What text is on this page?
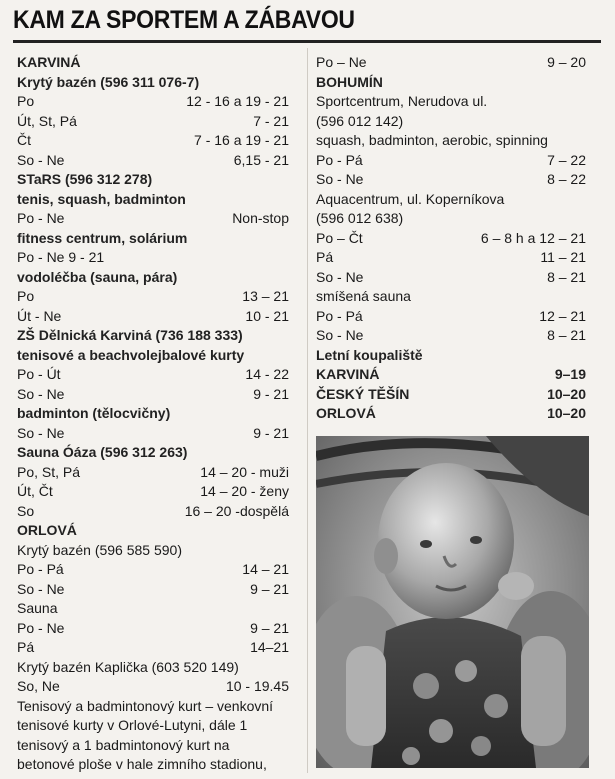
KAM ZA SPORTEM A ZÁBAVOU
KARVINÁ
Krytý bazén (596 311 076-7)
Po	12 - 16 a 19 - 21
Út, St, Pá	7 - 21
Čt	7 - 16 a 19 - 21
So - Ne	6,15 - 21
STaRS (596 312 278)
tenis, squash, badminton
Po - Ne	Non-stop
fitness centrum, solárium
Po - Ne 9 - 21
vodoléčba (sauna, pára)
Po	13 – 21
Út - Ne	10 - 21
ZŠ Dělnická Karviná (736 188 333) tenisové a beachvolejbalové kurty
Po - Út	14 - 22
So - Ne	9 - 21
badminton (tělocvičny)
So - Ne	9 - 21
Sauna Óáza (596 312 263)
Po, St, Pá	14 – 20 - muži
Út, Čt	14 – 20 - ženy
So	16 – 20 -dospělá
ORLOVÁ
Krytý bazén (596 585 590)
Po - Pá	14 – 21
So - Ne	9 – 21
Sauna
Po - Ne	9 – 21
Pá	14–21
Krytý bazén Kaplička (603 520 149)
So, Ne	10 - 19.45
Tenisový a badmintonový kurt – venkovní tenisové kurty v Orlové-Lutyni, dále 1 tenisový a 1 badmintonový kurt na betonové ploše v hale zimního stadionu,
Po – Ne	9 – 20
BOHUMÍN
Sportcentrum, Nerudova ul.
(596 012 142)
squash, badminton, aerobic, spinning
Po - Pá	7 – 22
So - Ne	8 – 22
Aquacentrum, ul. Koperníkova
(596 012 638)
Po – Čt	6 – 8 h a 12 – 21
Pá	11 – 21
So - Ne	8 – 21
smíšená sauna
Po - Pá	12 – 21
So - Ne	8 – 21
Letní koupaliště
KARVINÁ	9–19
ČESKÝ TĚŠÍN	10–20
ORLOVÁ	10–20
